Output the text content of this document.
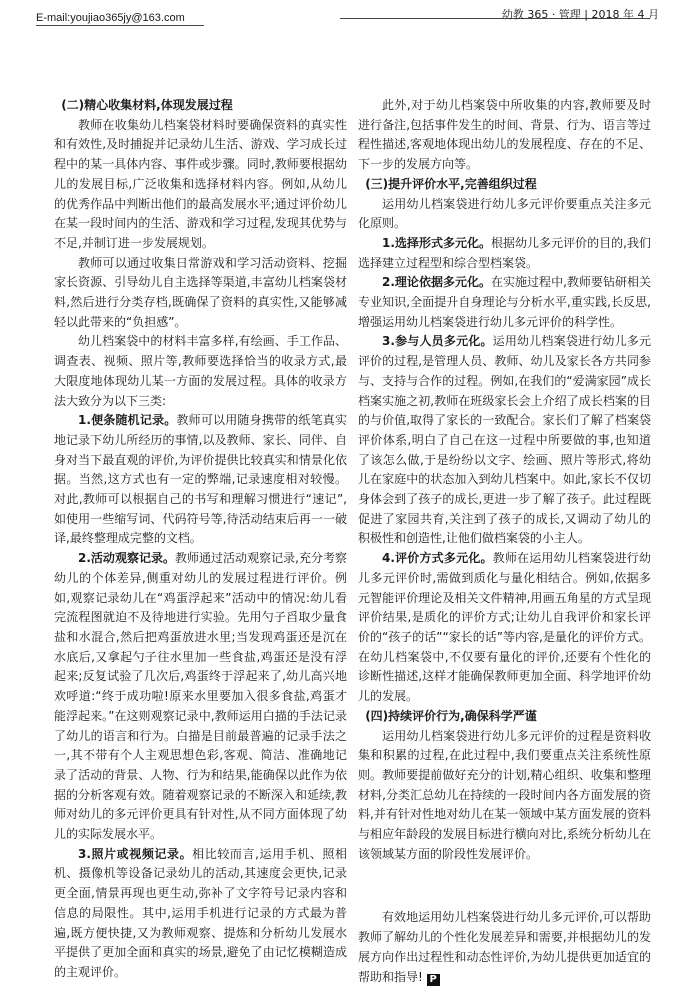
E-mail:youjiao365jy@163.com	幼教 365 · 管理 | 2018 年 4 月
(二)精心收集材料,体现发展过程

教师在收集幼儿档案袋材料时要确保资料的真实性和有效性,及时捕捉并记录幼儿生活、游戏、学习成长过程中的某一具体内容、事件或步骤。同时,教师要根据幼儿的发展目标,广泛收集和选择材料内容。例如,从幼儿的优秀作品中判断出他们的最高发展水平;通过评价幼儿在某一段时间内的生活、游戏和学习过程,发现其优势与不足,并制订进一步发展规划。

教师可以通过收集日常游戏和学习活动资料、挖掘家长资源、引导幼儿自主选择等渠道,丰富幼儿档案袋材料,然后进行分类存档,既确保了资料的真实性,又能够减轻以此带来的“负担感”。

幼儿档案袋中的材料丰富多样,有绘画、手工作品、调查表、视频、照片等,教师要选择恰当的收录方式,最大限度地体现幼儿某一方面的发展过程。具体的收录方法大致分为以下三类:

1.便条随机记录。教师可以用随身携带的纸笔真实地记录下幼儿所经历的事情,以及教师、家长、同伴、自身对当下最直观的评价,为评价提供比较真实和情景化依据。当然,这方式也有一定的弊端,记录速度相对较慢。对此,教师可以根据自己的书写和理解习惯进行“速记”,如使用一些缩写词、代码符号等,待活动结束后再一一破译,最终整理成完整的文档。

2.活动观察记录。教师通过活动观察记录,充分考察幼儿的个体差异,侧重对幼儿的发展过程进行评价。例如,观察记录幼儿在“鸡蛋浮起来”活动中的情况:幼儿看完流程图就迫不及待地进行实验。先用勺子舀取少量食盐和水混合,然后把鸡蛋放进水里;当发现鸡蛋还是沉在水底后,又拿起勺子往水里加一些食盐,鸡蛋还是没有浮起来;反复试验了几次后,鸡蛋终于浮起来了,幼儿高兴地欢呼道:“终于成功啦!原来水里要加入很多食盐,鸡蛋才能浮起来。”在这则观察记录中,教师运用白描的手法记录了幼儿的语言和行为。白描是目前最普遍的记录手法之一,其不带有个人主观思想色彩,客观、简洁、准确地记录了活动的背景、人物、行为和结果,能确保以此作为依据的分析客观有效。随着观察记录的不断深入和延续,教师对幼儿的多元评价更具有针对性,从不同方面体现了幼儿的实际发展水平。

3.照片或视频记录。相比较而言,运用手机、照相机、摄像机等设备记录幼儿的活动,其速度会更快,记录更全面,情景再现也更生动,弥补了文字符号记录内容和信息的局限性。其中,运用手机进行记录的方式最为普遍,既方便快捷,又为教师观察、提炼和分析幼儿发展水平提供了更加全面和真实的场景,避免了由记忆模糊造成的主观评价。

此外,对于幼儿档案袋中所收集的内容,教师要及时进行备注,包括事件发生的时间、背景、行为、语言等过程性描述,客观地体现出幼儿的发展程度、存在的不足、下一步的发展方向等。

(三)提升评价水平,完善组织过程

运用幼儿档案袋进行幼儿多元评价要重点关注多元化原则。

1.选择形式多元化。根据幼儿多元评价的目的,我们选择建立过程型和综合型档案袋。

2.理论依据多元化。在实施过程中,教师要钻研相关专业知识,全面提升自身理论与分析水平,重实践,长反思,增强运用幼儿档案袋进行幼儿多元评价的科学性。

3.参与人员多元化。运用幼儿档案袋进行幼儿多元评价的过程,是管理人员、教师、幼儿及家长各方共同参与、支持与合作的过程。例如,在我们的“爱满家园”成长档案实施之初,教师在班级家长会上介绍了成长档案的目的与价值,取得了家长的一致配合。家长们了解了档案袋评价体系,明白了自己在这一过程中所要做的事,也知道了该怎么做,于是纷纷以文字、绘画、照片等形式,将幼儿在家庭中的状态加入到幼儿档案中。如此,家长不仅切身体会到了孩子的成长,更进一步了解了孩子。此过程既促进了家园共育,关注到了孩子的成长,又调动了幼儿的积极性和创造性,让他们做档案袋的小主人。

4.评价方式多元化。教师在运用幼儿档案袋进行幼儿多元评价时,需做到质化与量化相结合。例如,依据多元智能评价理论及相关文件精神,用画五角星的方式呈现评价结果,是质化的评价方式;让幼儿自我评价和家长评价的“孩子的话”“家长的话”等内容,是量化的评价方式。在幼儿档案袋中,不仅要有量化的评价,还要有个性化的诊断性描述,这样才能确保教师更加全面、科学地评价幼儿的发展。

(四)持续评价行为,确保科学严谨

运用幼儿档案袋进行幼儿多元评价的过程是资料收集和积累的过程,在此过程中,我们要重点关注系统性原则。教师要提前做好充分的计划,精心组织、收集和整理材料,分类汇总幼儿在持续的一段时间内各方面发展的资料,并有针对性地对幼儿在某一领域中某方面发展的资料与相应年龄段的发展目标进行横向对比,系统分析幼儿在该领域某方面的阶段性发展评价。

有效地运用幼儿档案袋进行幼儿多元评价,可以帮助教师了解幼儿的个性化发展差异和需要,并根据幼儿的发展方向作出过程性和动态性评价,为幼儿提供更加适宜的帮助和指导! P
